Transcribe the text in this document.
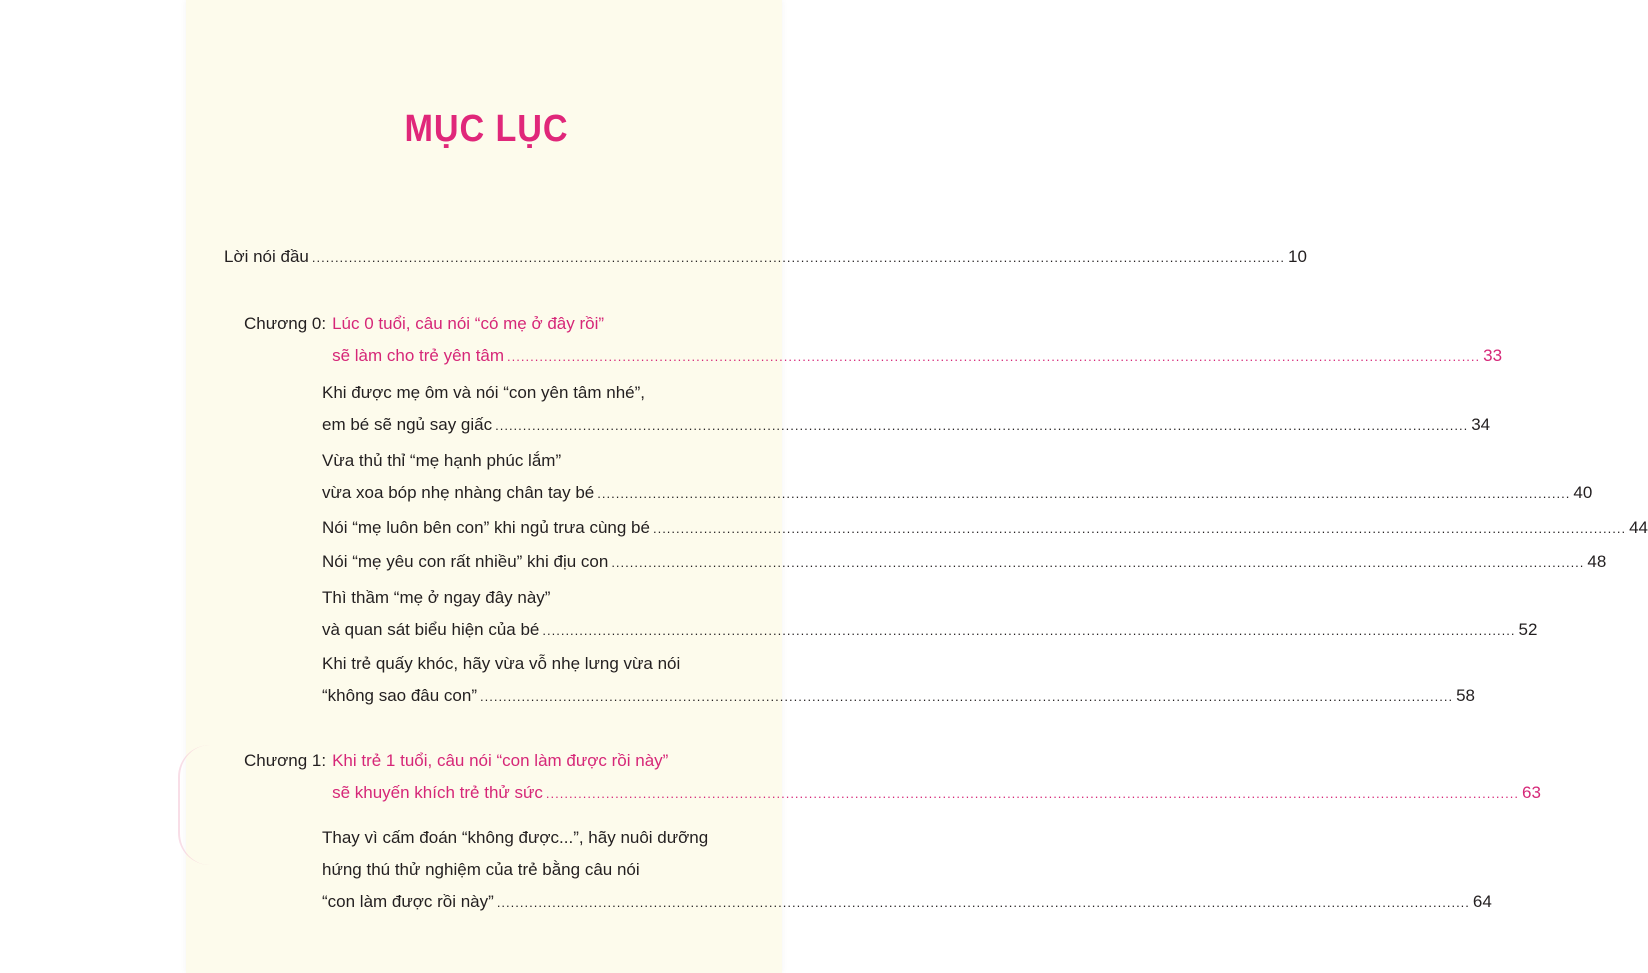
MỤC LỤC
Lời nói đầu .....	10
Chương 0: Lúc 0 tuổi, câu nói “có mẹ ở đây rồi”
sẽ làm cho trẻ yên tâm .....	33
Khi được mẹ ôm và nói “con yên tâm nhé”,
em bé sẽ ngủ say giấc .....	34
Vừa thủ thỉ “mẹ hạnh phúc lắm”
vừa xoa bóp nhẹ nhàng chân tay bé .....	40
Nói “mẹ luôn bên con” khi ngủ trưa cùng bé .....	44
Nói “mẹ yêu con rất nhiều” khi địu con .....	48
Thì thầm “mẹ ở ngay đây này”
và quan sát biểu hiện của bé .....	52
Khi trẻ quấy khóc, hãy vừa vỗ nhẹ lưng vừa nói
“không sao đâu con” .....	58
Chương 1: Khi trẻ 1 tuổi, câu nói “con làm được rồi này”
sẽ khuyến khích trẻ thử sức .....	63
Thay vì cấm đoán “không được...”, hãy nuôi dưỡng
hứng thú thử nghiệm của trẻ bằng câu nói
“con làm được rồi này” .....	64
